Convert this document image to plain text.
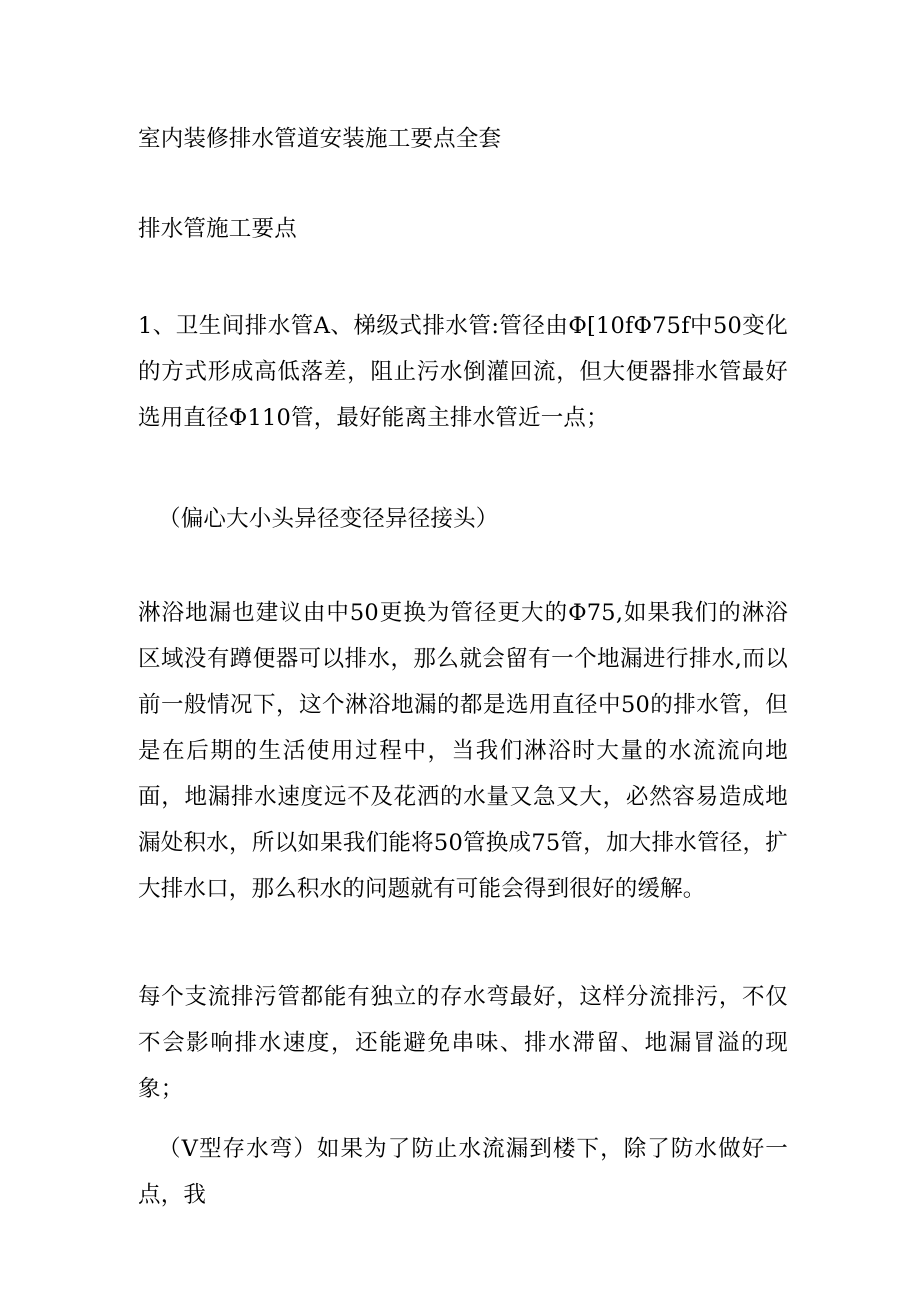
室内装修排水管道安装施工要点全套

排水管施工要点

1、卫生间排水管A、梯级式排水管:管径由Φ[10fΦ75f中50变化的方式形成高低落差，阻止污水倒灌回流，但大便器排水管最好选用直径Φ110管，最好能离主排水管近一点；

（偏心大小头异径变径异径接头）

淋浴地漏也建议由中50更换为管径更大的Φ75,如果我们的淋浴区域没有蹲便器可以排水，那么就会留有一个地漏进行排水,而以前一般情况下，这个淋浴地漏的都是选用直径中50的排水管，但是在后期的生活使用过程中，当我们淋浴时大量的水流流向地面，地漏排水速度远不及花洒的水量又急又大，必然容易造成地漏处积水，所以如果我们能将50管换成75管，加大排水管径，扩大排水口，那么积水的问题就有可能会得到很好的缓解。

每个支流排污管都能有独立的存水弯最好，这样分流排污，不仅不会影响排水速度，还能避免串味、排水滞留、地漏冒溢的现象；

（V型存水弯）如果为了防止水流漏到楼下，除了防水做好一点，我
